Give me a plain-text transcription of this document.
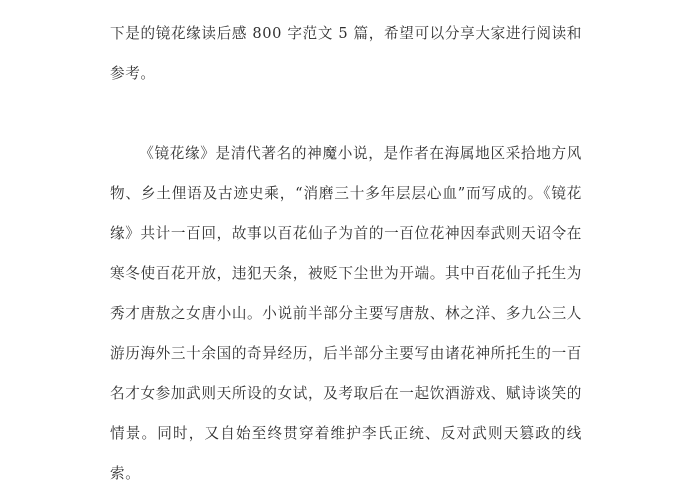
下是的镜花缘读后感 800 字范文 5 篇，希望可以分享大家进行阅读和参考。

《镜花缘》是清代著名的神魔小说，是作者在海属地区采拾地方风物、乡土俚语及古迹史乘，“消磨三十多年层层心血”而写成的。《镜花缘》共计一百回，故事以百花仙子为首的一百位花神因奉武则天诏令在寒冬使百花开放，违犯天条，被贬下尘世为开端。其中百花仙子托生为秀才唐敖之女唐小山。小说前半部分主要写唐敖、林之洋、多九公三人游历海外三十余国的奇异经历，后半部分主要写由诸花神所托生的一百名才女参加武则天所设的女试，及考取后在一起饮酒游戏、赋诗谈笑的情景。同时，又自始至终贯穿着维护李氏正统、反对武则天篡政的线索。
